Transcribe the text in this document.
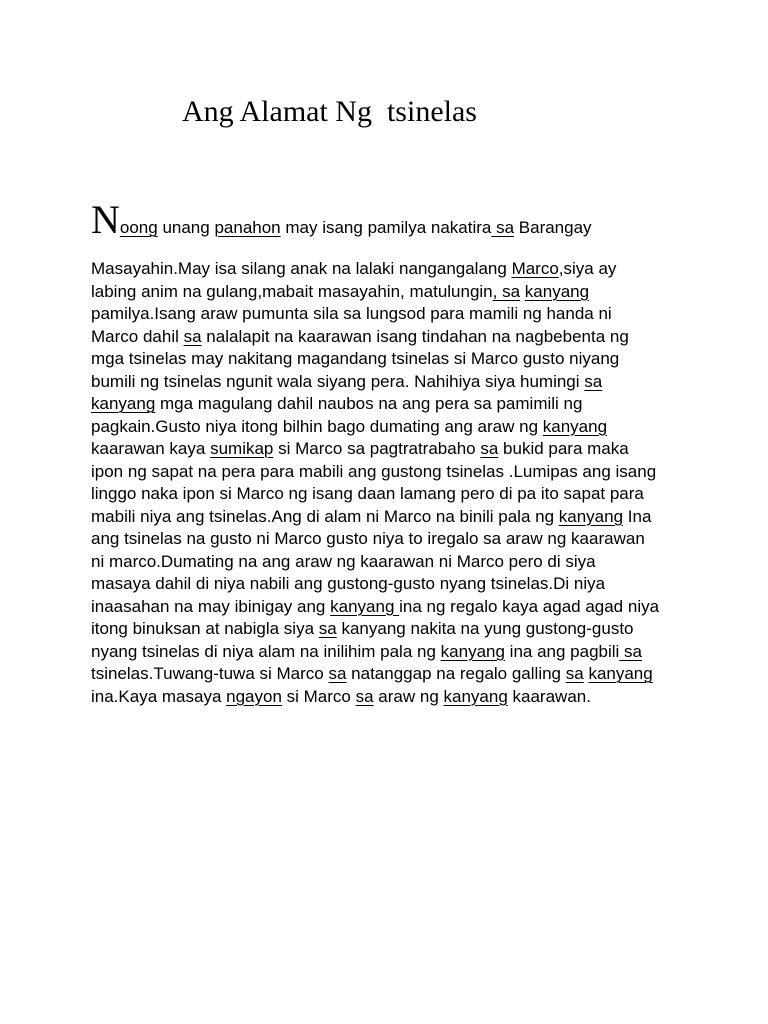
Ang Alamat Ng  tsinelas
Noong unang panahon may isang pamilya nakatira sa Barangay
Masayahin.May isa silang anak na lalaki nangangalang Marco,siya ay
labing anim na gulang,mabait masayahin, matulungin, sa kanyang
pamilya.Isang araw pumunta sila sa lungsod para mamili ng handa ni
Marco dahil sa nalalapit na kaarawan isang tindahan na nagbebenta ng
mga tsinelas may nakitang magandang tsinelas si Marco gusto niyang
bumili ng tsinelas ngunit wala siyang pera. Nahihiya siya humingi sa
kanyang mga magulang dahil naubos na ang pera sa pamimili ng
pagkain.Gusto niya itong bilhin bago dumating ang araw ng kanyang
kaarawan kaya sumikap si Marco sa pagtratrabaho sa bukid para maka
ipon ng sapat na pera para mabili ang gustong tsinelas .Lumipas ang isang
linggo naka ipon si Marco ng isang daan lamang pero di pa ito sapat para
mabili niya ang tsinelas.Ang di alam ni Marco na binili pala ng kanyang Ina
ang tsinelas na gusto ni Marco gusto niya to iregalo sa araw ng kaarawan
ni marco.Dumating na ang araw ng kaarawan ni Marco pero di siya
masaya dahil di niya nabili ang gustong-gusto nyang tsinelas.Di niya
inaasahan na may ibinigay ang kanyang ina ng regalo kaya agad agad niya
itong binuksan at nabigla siya sa kanyang nakita na yung gustong-gusto
nyang tsinelas di niya alam na inilihim pala ng kanyang ina ang pagbili sa
tsinelas.Tuwang-tuwa si Marco sa natanggap na regalo galling sa kanyang
ina.Kaya masaya ngayon si Marco sa araw ng kanyang kaarawan.
